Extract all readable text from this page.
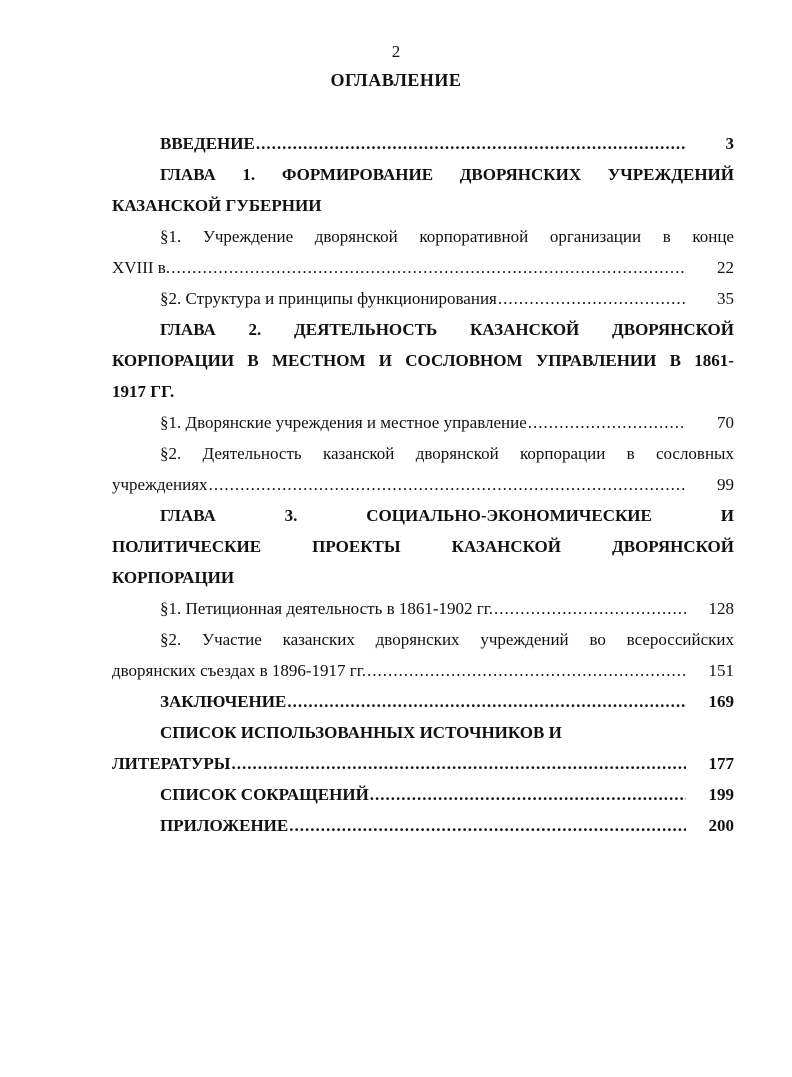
2
ОГЛАВЛЕНИЕ
ВВЕДЕНИЕ .....	3
ГЛАВА 1. ФОРМИРОВАНИЕ ДВОРЯНСКИХ УЧРЕЖДЕНИЙ
КАЗАНСКОЙ ГУБЕРНИИ
§1. Учреждение дворянской корпоративной организации в конце
XVIII в. .....	22
§2. Структура и принципы функционирования .....	35
ГЛАВА 2. ДЕЯТЕЛЬНОСТЬ КАЗАНСКОЙ ДВОРЯНСКОЙ
КОРПОРАЦИИ В МЕСТНОМ И СОСЛОВНОМ УПРАВЛЕНИИ В 1861-
1917 ГГ.
§1. Дворянские учреждения и местное управление .....	70
§2. Деятельность казанской дворянской корпорации в сословных
учреждениях .....	99
ГЛАВА	3.	СОЦИАЛЬНО-ЭКОНОМИЧЕСКИЕ	И
ПОЛИТИЧЕСКИЕ	ПРОЕКТЫ	КАЗАНСКОЙ	ДВОРЯНСКОЙ
КОРПОРАЦИИ
§1. Петиционная деятельность в 1861-1902 гг. .....	128
§2. Участие казанских дворянских учреждений во всероссийских
дворянских съездах в 1896-1917 гг. .....	151
ЗАКЛЮЧЕНИЕ .....	169
СПИСОК ИСПОЛЬЗОВАННЫХ ИСТОЧНИКОВ И
ЛИТЕРАТУРЫ .....	177
СПИСОК СОКРАЩЕНИЙ .....	199
ПРИЛОЖЕНИЕ .....	200
